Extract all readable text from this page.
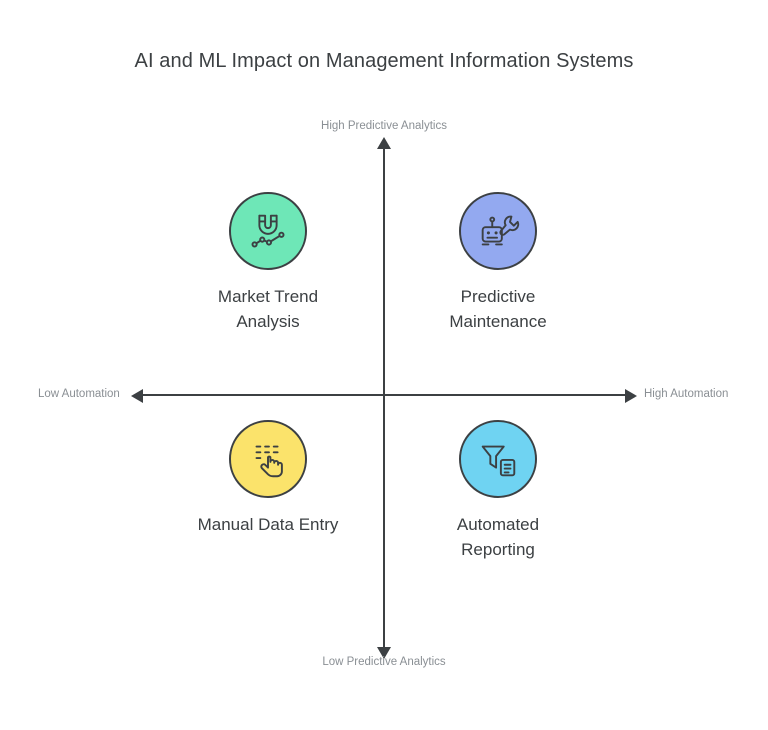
AI and ML Impact on Management Information Systems
High Predictive Analytics
Low Predictive Analytics
Low Automation	High Automation
Market Trend
Analysis
Predictive
Maintenance
Manual Data Entry	Automated
Reporting
